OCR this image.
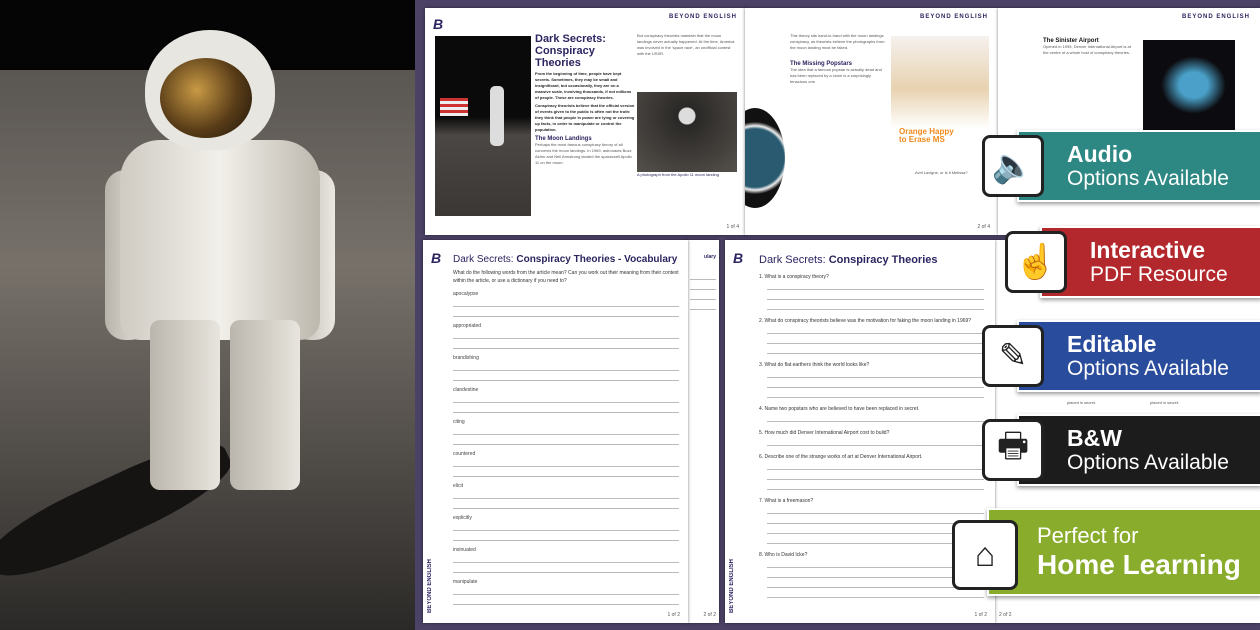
B	BEYOND ENGLISH
Dark Secrets:
Conspiracy Theories

From the beginning of time, people have kept secrets. Sometimes, they may be small and insignificant, but occasionally, they are on a massive scale, involving thousands, if not millions of people. These are conspiracy theories.

Conspiracy theorists believe that the official version of events given to the public is often not the truth: they think that people in power are lying or covering up facts, in order to manipulate or control the population.

The Moon Landings

Perhaps the most famous conspiracy theory of all concerns the moon landings. In 1969, astronauts Buzz Aldrin and Neil Armstrong landed the spacecraft Apollo 11 on the moon.

But conspiracy theorists maintain that the moon landings never actually happened. At the time, America was involved in the 'space race', an unofficial contest with the USSR.

A photograph from the Apollo 11 moon landing
1 of 4
BEYOND ENGLISH

This theory sits hand-in-hand with the moon landings conspiracy, as theorists believe the photographs from the moon landing must be faked.

The Missing Popstars

The idea that a famous popstar is actually dead and has been replaced by a clone is a surprisingly tenacious one.

Orange Happy to Erase MS
Avril Lavigne, or is it Melissa?
2 of 4
BEYOND ENGLISH
The Sinister Airport

Opened in 1995, Denver International Airport is at the centre of a whole host of conspiracy theories.

ulary
2 of 2
B Dark Secrets: Conspiracy Theories - Vocabulary

What do the following words from the article mean? Can you work out their meaning from their context within the article, or use a dictionary if you need to?

apocalypse
appropriated
brandishing
clandestine
citing
countered
elicit
explicitly
insinuated
manipulate
BEYOND ENGLISH
1 of 2
placed in secret.	placed in secret.
2 of 2
B Dark Secrets: Conspiracy Theories
1. What is a conspiracy theory?
2. What do conspiracy theorists believe was the motivation for faking the moon landing in 1969?
3. What do flat earthers think the world looks like?
4. Name two popstars who are believed to have been replaced in secret.
5. How much did Denver International Airport cost to build?
6. Describe one of the strange works of art at Denver International Airport.
7. What is a freemason?
8. Who is David Icke?
BEYOND ENGLISH
1 of 2
Audio
Options Available
🔈
Interactive
PDF Resource
☝
Editable
Options Available
✎
B&W
Options Available
🖶
Perfect for
Home Learning
⌂
